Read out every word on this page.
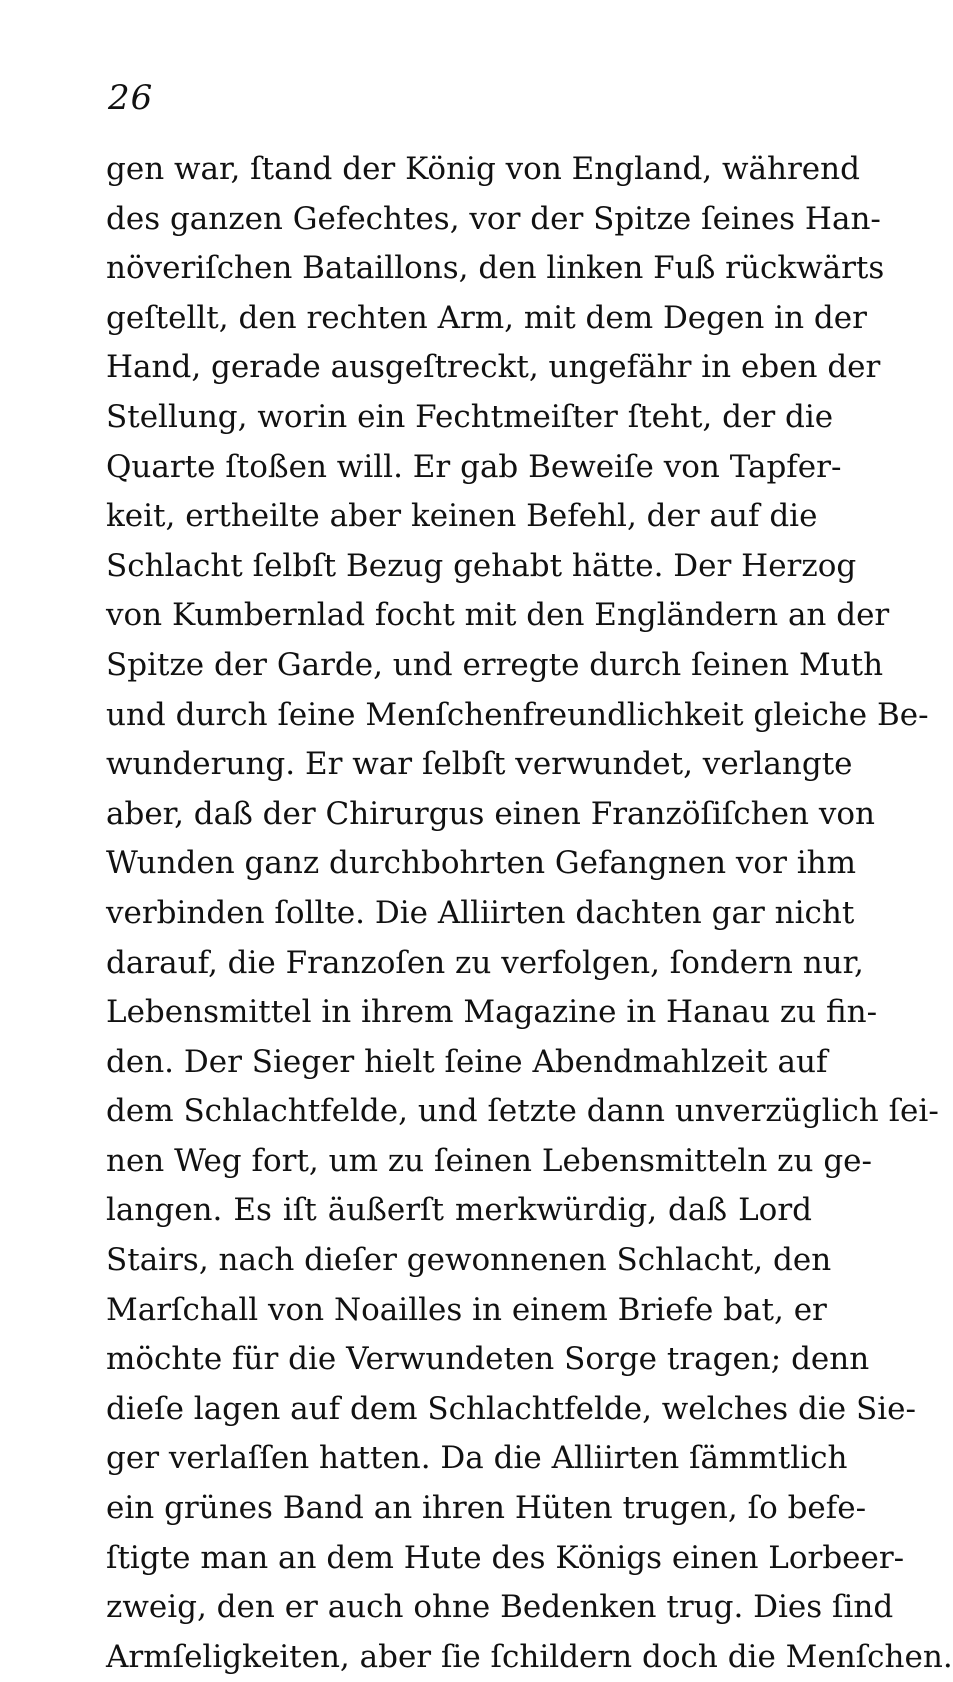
26
gen war, ſtand der König von England, während
des ganzen Gefechtes, vor der Spitze ſeines Han-
növeriſchen Bataillons, den linken Fuß rückwärts
geſtellt, den rechten Arm, mit dem Degen in der
Hand, gerade ausgeſtreckt, ungefähr in eben der
Stellung, worin ein Fechtmeiſter ſteht, der die
Quarte ſtoßen will. Er gab Beweiſe von Tapfer-
keit, ertheilte aber keinen Befehl, der auf die
Schlacht ſelbſt Bezug gehabt hätte. Der Herzog
von Kumbernlad focht mit den Engländern an der
Spitze der Garde, und erregte durch ſeinen Muth
und durch ſeine Menſchenfreundlichkeit gleiche Be-
wunderung. Er war ſelbſt verwundet, verlangte
aber, daß der Chirurgus einen Franzöſiſchen von
Wunden ganz durchbohrten Gefangnen vor ihm
verbinden ſollte. Die Alliirten dachten gar nicht
darauf, die Franzoſen zu verfolgen, ſondern nur,
Lebensmittel in ihrem Magazine in Hanau zu fin-
den. Der Sieger hielt ſeine Abendmahlzeit auf
dem Schlachtfelde, und ſetzte dann unverzüglich ſei-
nen Weg fort, um zu ſeinen Lebensmitteln zu ge-
langen. Es iſt äußerſt merkwürdig, daß Lord
Stairs, nach dieſer gewonnenen Schlacht, den
Marſchall von Noailles in einem Briefe bat, er
möchte für die Verwundeten Sorge tragen; denn
dieſe lagen auf dem Schlachtfelde, welches die Sie-
ger verlaſſen hatten. Da die Alliirten ſämmtlich
ein grünes Band an ihren Hüten trugen, ſo befe-
ſtigte man an dem Hute des Königs einen Lorbeer-
zweig, den er auch ohne Bedenken trug. Dies ſind
Armſeligkeiten, aber ſie ſchildern doch die Menſchen.
